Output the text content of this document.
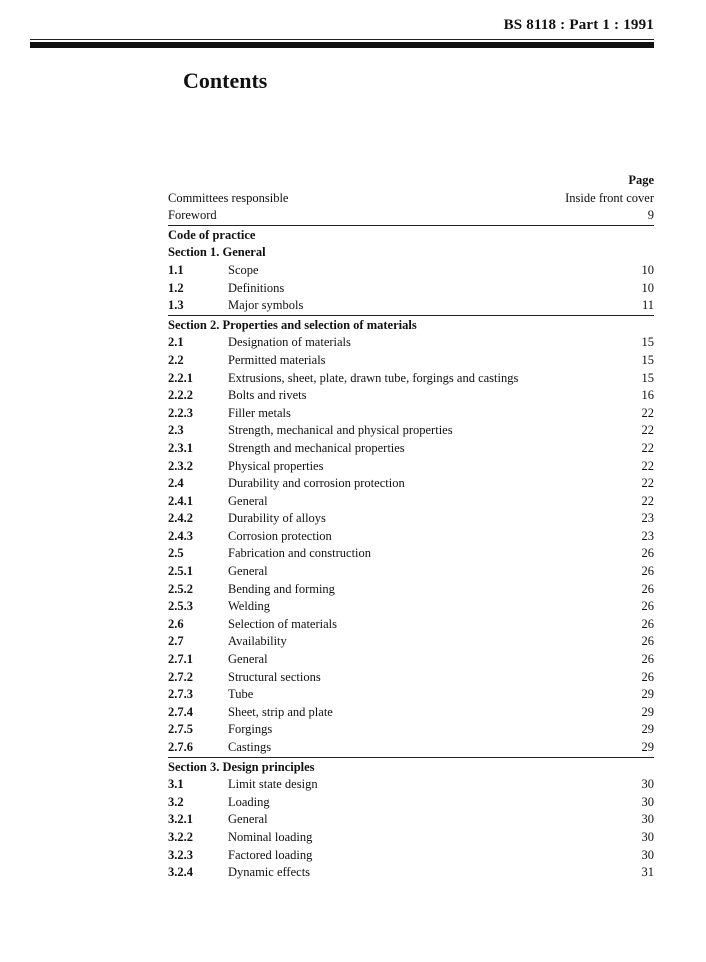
BS 8118 : Part 1 : 1991
Contents
Page
Committees responsible	Inside front cover
Foreword	9
Code of practice
Section 1. General
1.1	Scope	10
1.2	Definitions	10
1.3	Major symbols	11
Section 2. Properties and selection of materials
2.1	Designation of materials	15
2.2	Permitted materials	15
2.2.1	Extrusions, sheet, plate, drawn tube, forgings and castings	15
2.2.2	Bolts and rivets	16
2.2.3	Filler metals	22
2.3	Strength, mechanical and physical properties	22
2.3.1	Strength and mechanical properties	22
2.3.2	Physical properties	22
2.4	Durability and corrosion protection	22
2.4.1	General	22
2.4.2	Durability of alloys	23
2.4.3	Corrosion protection	23
2.5	Fabrication and construction	26
2.5.1	General	26
2.5.2	Bending and forming	26
2.5.3	Welding	26
2.6	Selection of materials	26
2.7	Availability	26
2.7.1	General	26
2.7.2	Structural sections	26
2.7.3	Tube	29
2.7.4	Sheet, strip and plate	29
2.7.5	Forgings	29
2.7.6	Castings	29
Section 3. Design principles
3.1	Limit state design	30
3.2	Loading	30
3.2.1	General	30
3.2.2	Nominal loading	30
3.2.3	Factored loading	30
3.2.4	Dynamic effects	31
